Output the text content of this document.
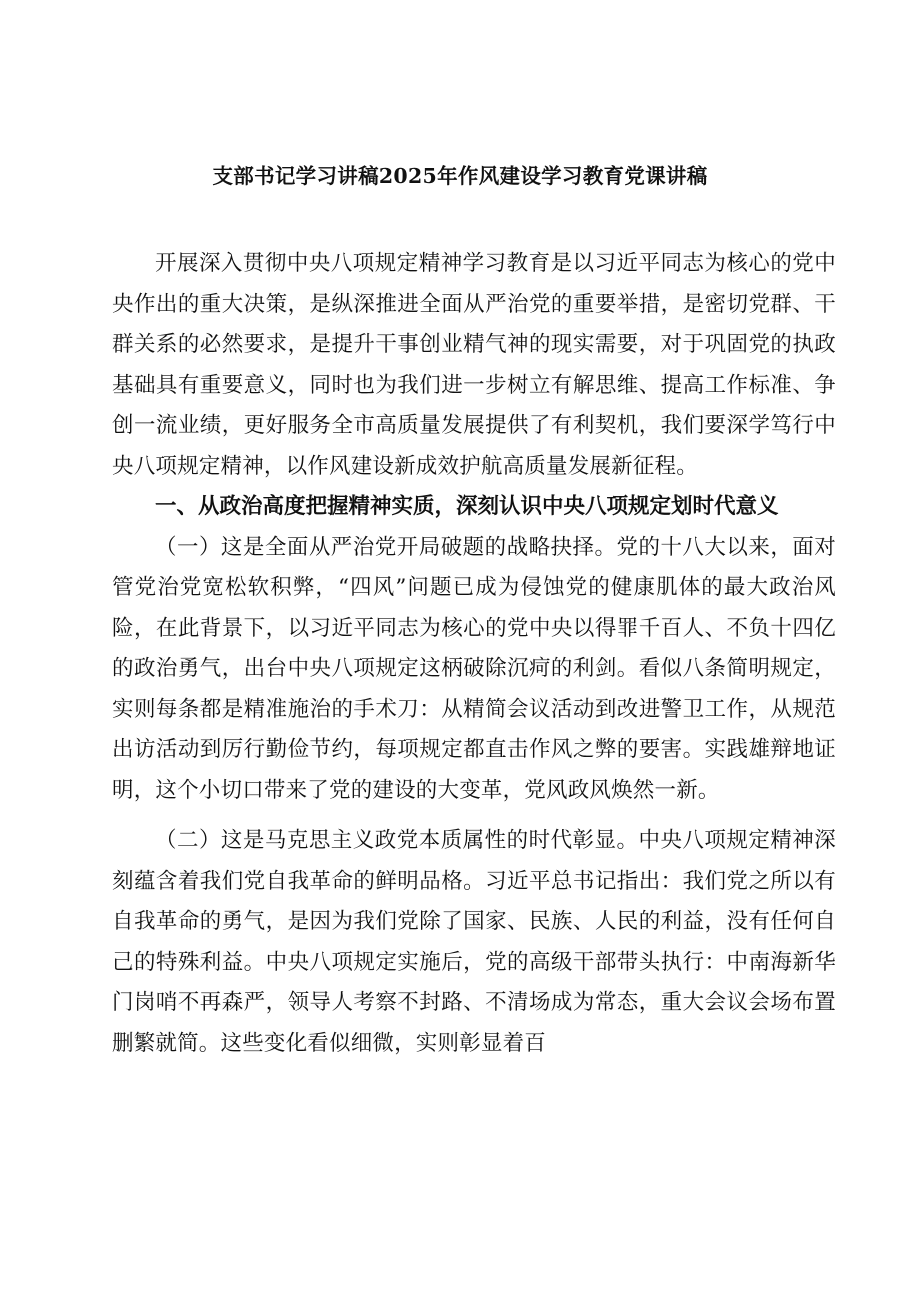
支部书记学习讲稿2025年作风建设学习教育党课讲稿

开展深入贯彻中央八项规定精神学习教育是以习近平同志为核心的党中央作出的重大决策，是纵深推进全面从严治党的重要举措，是密切党群、干群关系的必然要求，是提升干事创业精气神的现实需要，对于巩固党的执政基础具有重要意义，同时也为我们进一步树立有解思维、提高工作标准、争创一流业绩，更好服务全市高质量发展提供了有利契机，我们要深学笃行中央八项规定精神，以作风建设新成效护航高质量发展新征程。

一、从政治高度把握精神实质，深刻认识中央八项规定划时代意义

（一）这是全面从严治党开局破题的战略抉择。党的十八大以来，面对管党治党宽松软积弊，“四风”问题已成为侵蚀党的健康肌体的最大政治风险，在此背景下，以习近平同志为核心的党中央以得罪千百人、不负十四亿的政治勇气，出台中央八项规定这柄破除沉疴的利剑。看似八条简明规定，实则每条都是精准施治的手术刀：从精简会议活动到改进警卫工作，从规范出访活动到厉行勤俭节约，每项规定都直击作风之弊的要害。实践雄辩地证明，这个小切口带来了党的建设的大变革，党风政风焕然一新。

（二）这是马克思主义政党本质属性的时代彰显。中央八项规定精神深刻蕴含着我们党自我革命的鲜明品格。习近平总书记指出：我们党之所以有自我革命的勇气，是因为我们党除了国家、民族、人民的利益，没有任何自己的特殊利益。中央八项规定实施后，党的高级干部带头执行：中南海新华门岗哨不再森严，领导人考察不封路、不清场成为常态，重大会议会场布置删繁就简。这些变化看似细微，实则彰显着百
